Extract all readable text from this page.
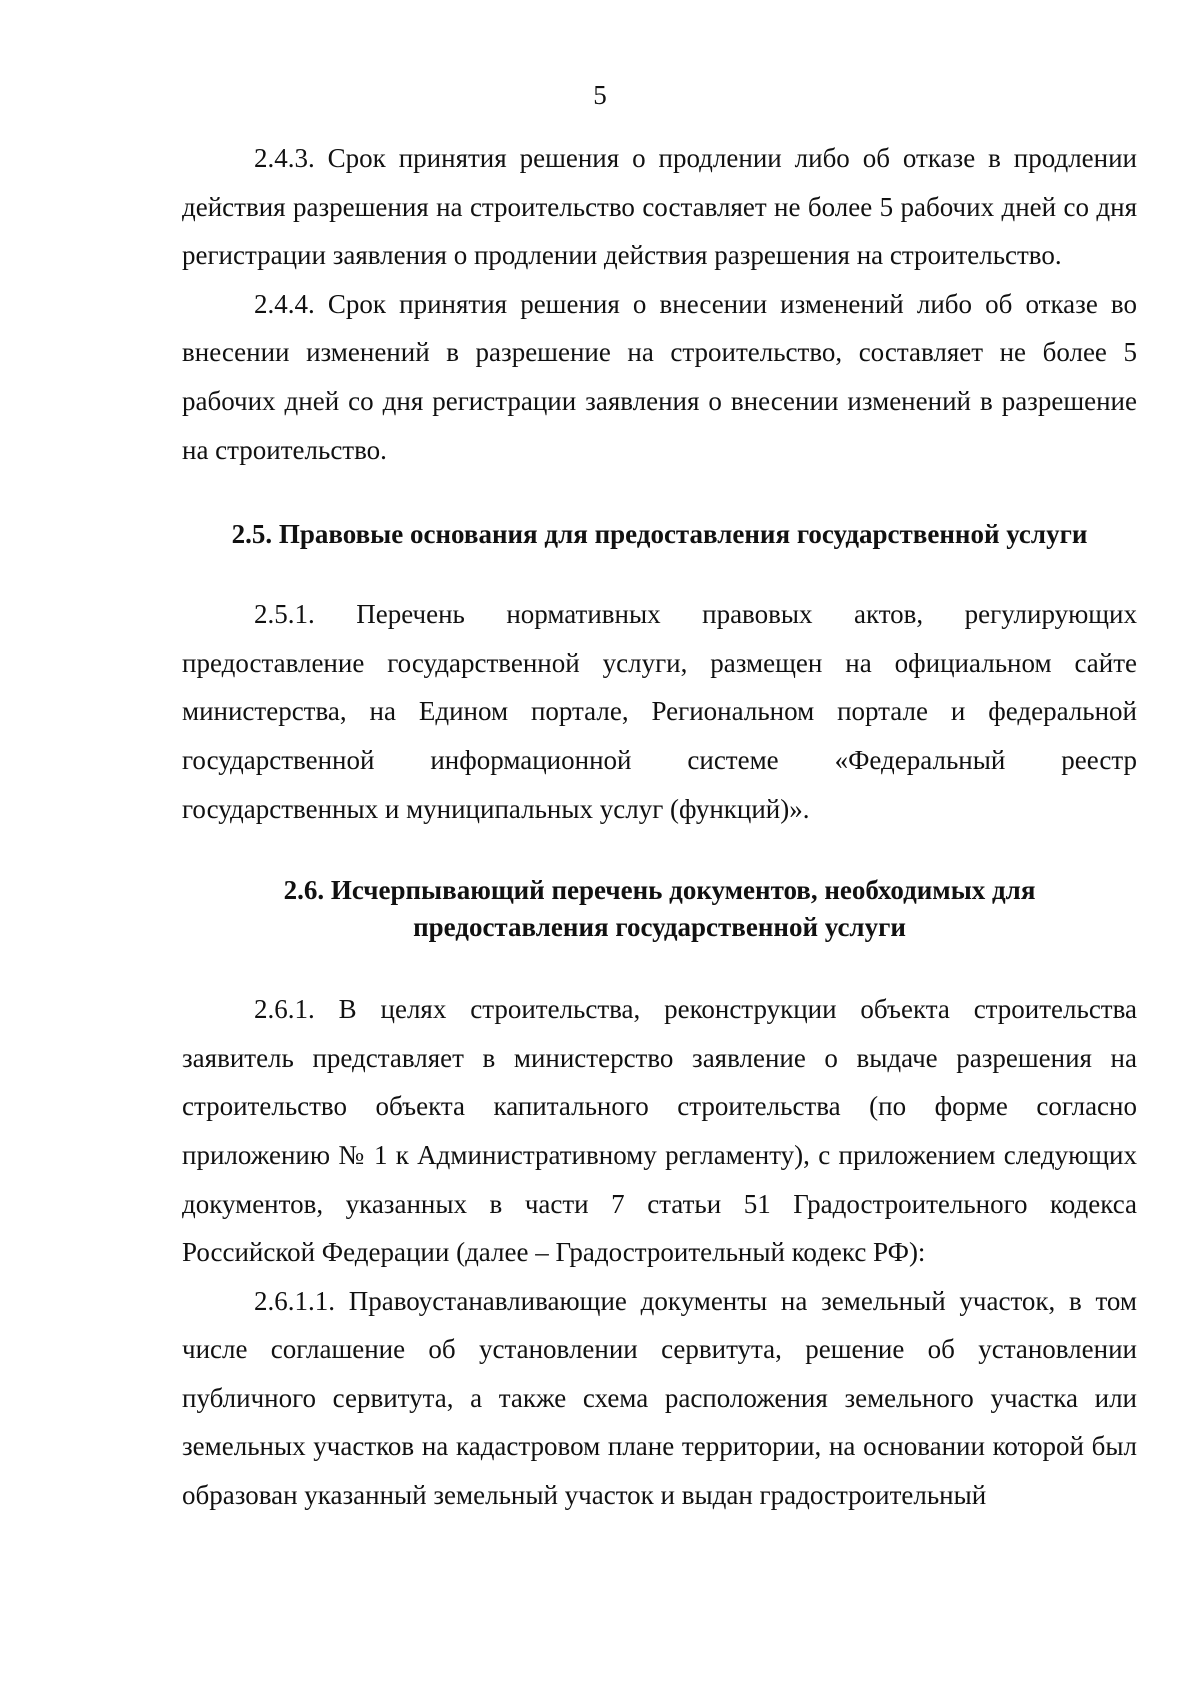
5

2.4.3. Срок принятия решения о продлении либо об отказе в продлении действия разрешения на строительство составляет не более 5 рабочих дней со дня регистрации заявления о продлении действия разрешения на строительство.

2.4.4. Срок принятия решения о внесении изменений либо об отказе во внесении изменений в разрешение на строительство, составляет не более 5 рабочих дней со дня регистрации заявления о внесении изменений в разрешение на строительство.

2.5. Правовые основания для предоставления государственной услуги

2.5.1. Перечень нормативных правовых актов, регулирующих предоставление государственной услуги, размещен на официальном сайте министерства, на Едином портале, Региональном портале и федеральной государственной информационной системе «Федеральный реестр государственных и муниципальных услуг (функций)».

2.6. Исчерпывающий перечень документов, необходимых для
предоставления государственной услуги

2.6.1. В целях строительства, реконструкции объекта строительства заявитель представляет в министерство заявление о выдаче разрешения на строительство объекта капитального строительства (по форме согласно приложению № 1 к Административному регламенту), с приложением следующих документов, указанных в части 7 статьи 51 Градостроительного кодекса Российской Федерации (далее – Градостроительный кодекс РФ):

2.6.1.1. Правоустанавливающие документы на земельный участок, в том числе соглашение об установлении сервитута, решение об установлении публичного сервитута, а также схема расположения земельного участка или земельных участков на кадастровом плане территории, на основании которой был образован указанный земельный участок и выдан градостроительный
